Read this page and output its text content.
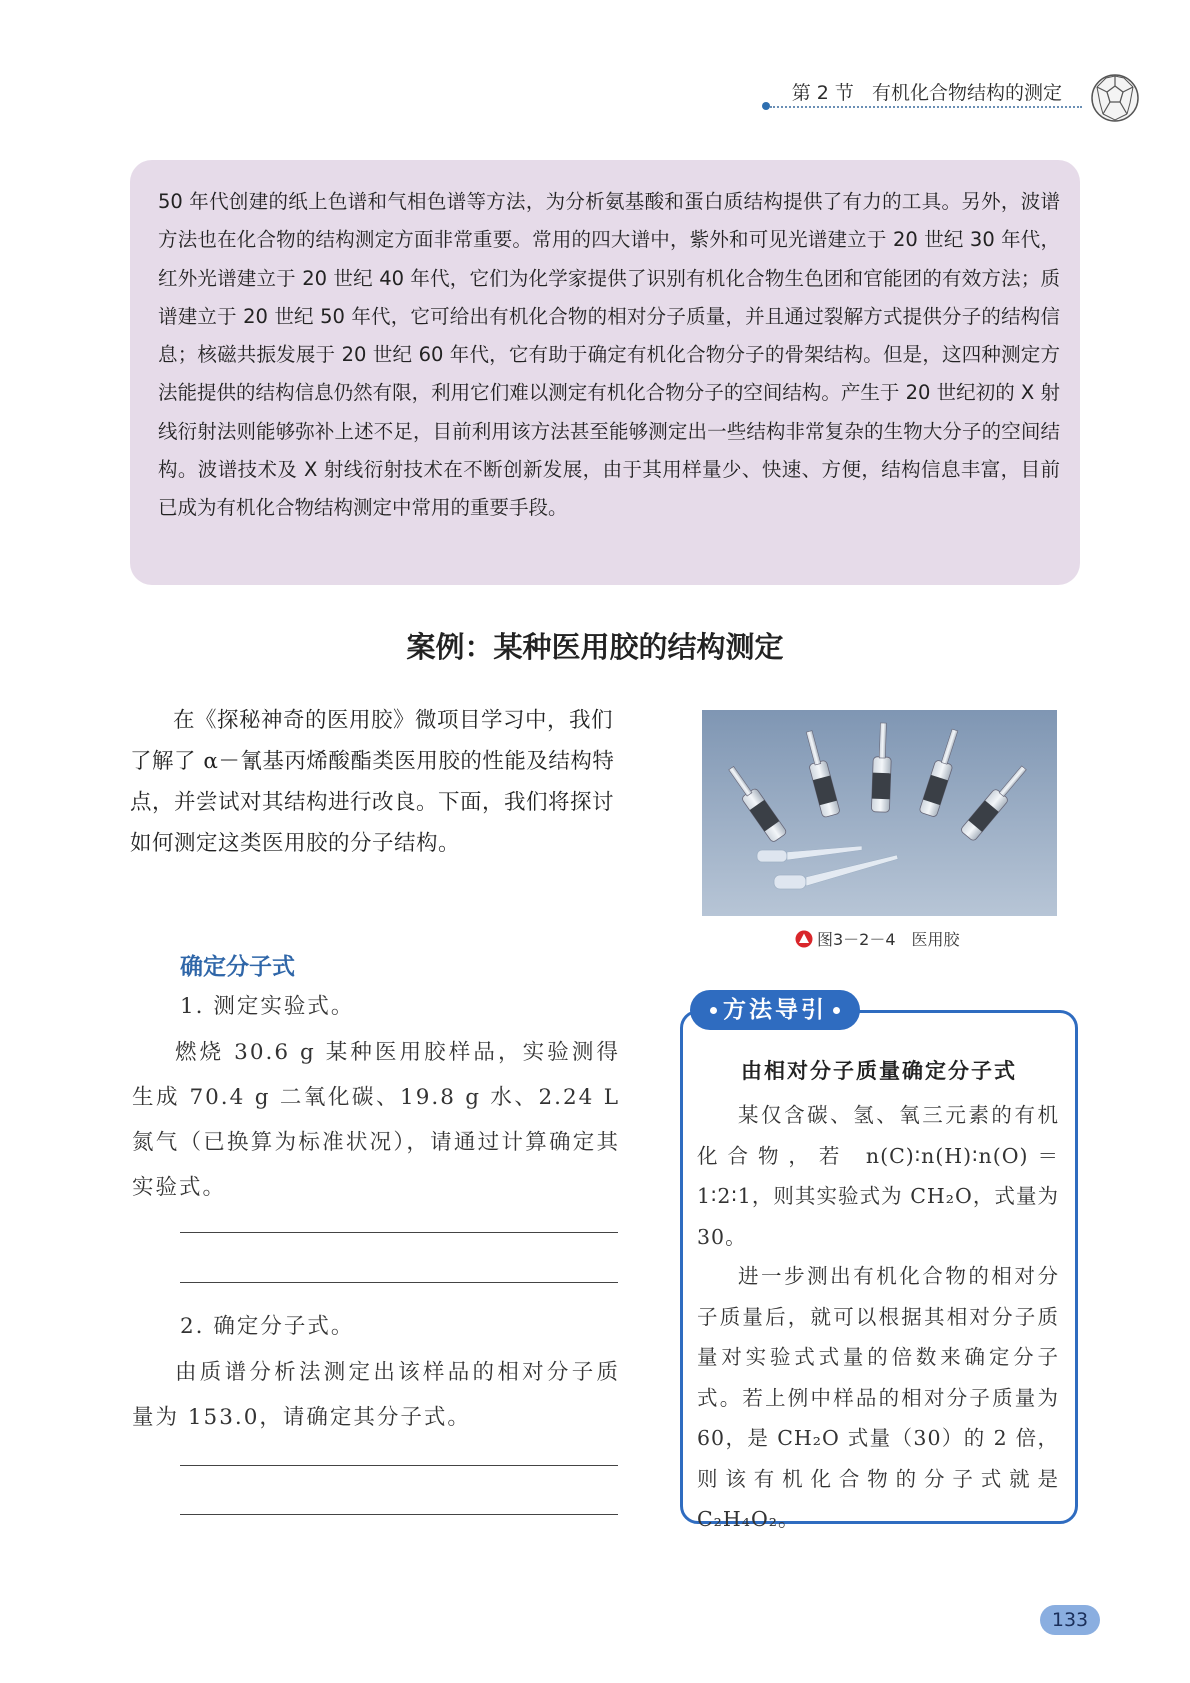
第 2 节 有机化合物结构的测定
50 年代创建的纸上色谱和气相色谱等方法，为分析氨基酸和蛋白质结构提供了有力的工具。另外，波谱方法也在化合物的结构测定方面非常重要。常用的四大谱中，紫外和可见光谱建立于 20 世纪 30 年代，红外光谱建立于 20 世纪 40 年代，它们为化学家提供了识别有机化合物生色团和官能团的有效方法；质谱建立于 20 世纪 50 年代，它可给出有机化合物的相对分子质量，并且通过裂解方式提供分子的结构信息；核磁共振发展于 20 世纪 60 年代，它有助于确定有机化合物分子的骨架结构。但是，这四种测定方法能提供的结构信息仍然有限，利用它们难以测定有机化合物分子的空间结构。产生于 20 世纪初的 X 射线衍射法则能够弥补上述不足，目前利用该方法甚至能够测定出一些结构非常复杂的生物大分子的空间结构。波谱技术及 X 射线衍射技术在不断创新发展，由于其用样量少、快速、方便，结构信息丰富，目前已成为有机化合物结构测定中常用的重要手段。
案例：某种医用胶的结构测定
在《探秘神奇的医用胶》微项目学习中，我们了解了 α－氰基丙烯酸酯类医用胶的性能及结构特点，并尝试对其结构进行改良。下面，我们将探讨如何测定这类医用胶的分子结构。
图3－2－4　医用胶
确定分子式
1. 测定实验式。
燃烧 30.6 g 某种医用胶样品，实验测得生成 70.4 g 二氧化碳、19.8 g 水、2.24 L 氮气（已换算为标准状况），请通过计算确定其实验式。
2. 确定分子式。
由质谱分析法测定出该样品的相对分子质量为 153.0，请确定其分子式。
方法导引
由相对分子质量确定分子式
某仅含碳、氢、氧三元素的有机化合物，若 n(C)∶n(H)∶n(O)＝1∶2∶1，则其实验式为 CH₂O，式量为 30。
进一步测出有机化合物的相对分子质量后，就可以根据其相对分子质量对实验式式量的倍数来确定分子式。若上例中样品的相对分子质量为 60，是 CH₂O 式量（30）的 2 倍，则该有机化合物的分子式就是 C₂H₄O₂。
133
